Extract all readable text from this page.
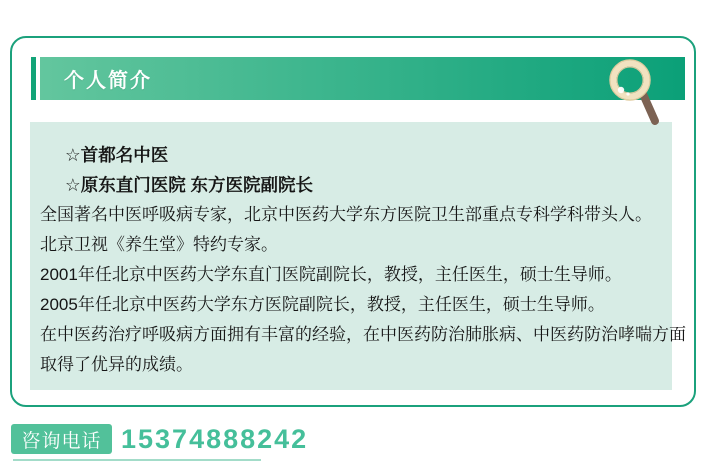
个人简介

☆首都名中医

☆原东直门医院 东方医院副院长

全国著名中医呼吸病专家，北京中医药大学东方医院卫生部重点专科学科带头人。

北京卫视《养生堂》特约专家。

2001年任北京中医药大学东直门医院副院长，教授，主任医生，硕士生导师。

2005年任北京中医药大学东方医院副院长，教授，主任医生，硕士生导师。

在中医药治疗呼吸病方面拥有丰富的经验，在中医药防治肺胀病、中医药防治哮喘方面

取得了优异的成绩。

咨询电话 15374888242
